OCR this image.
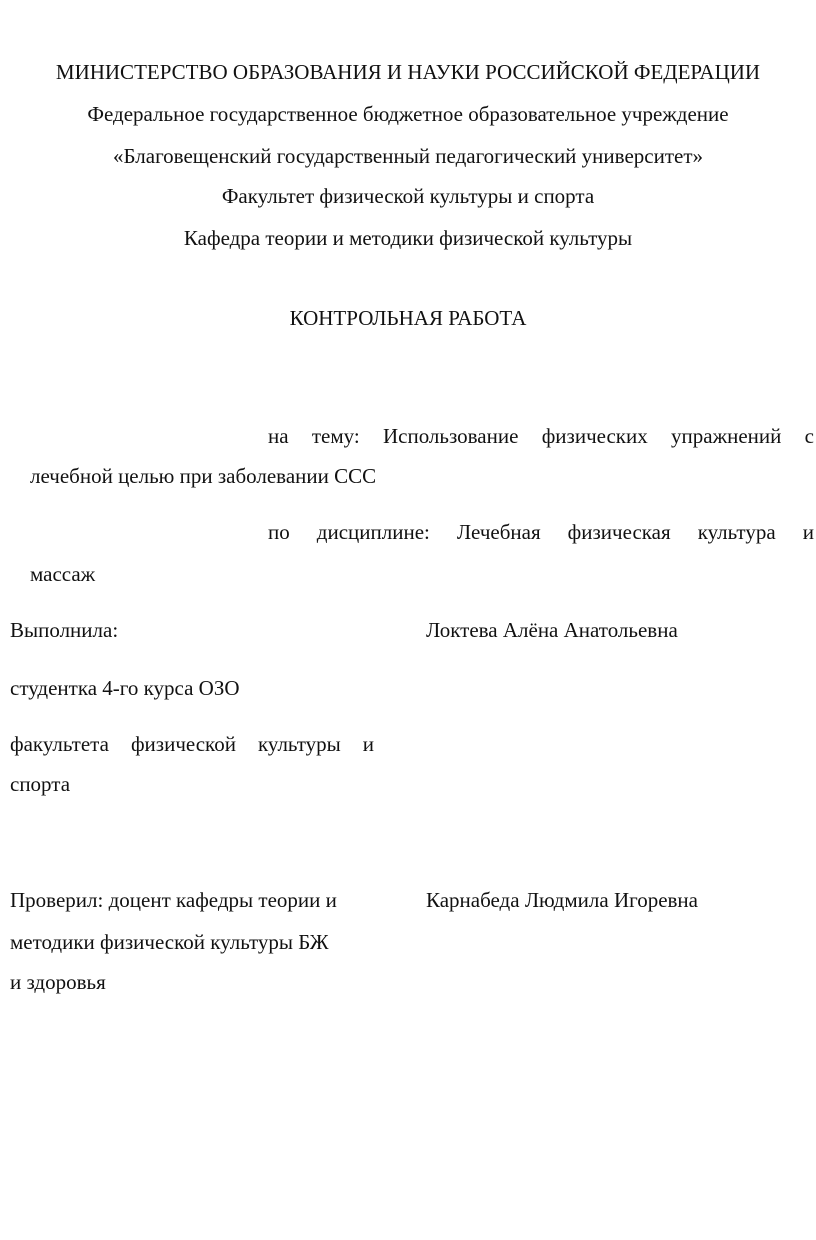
МИНИСТЕРСТВО ОБРАЗОВАНИЯ И НАУКИ РОССИЙСКОЙ ФЕДЕРАЦИИ
Федеральное государственное бюджетное образовательное учреждение
«Благовещенский государственный педагогический университет»
Факультет физической культуры и спорта
Кафедра теории и методики физической культуры
КОНТРОЛЬНАЯ РАБОТА
на тему: Использование физических упражнений с
лечебной целью при заболевании ССС
по дисциплине: Лечебная физическая культура и
массаж
Выполнила:	Локтева Алёна Анатольевна
студентка 4-го курса ОЗО
факультета физической культуры и
спорта
Проверил: доцент кафедры теории и	Карнабеда Людмила Игоревна
методики физической культуры БЖ
и здоровья
